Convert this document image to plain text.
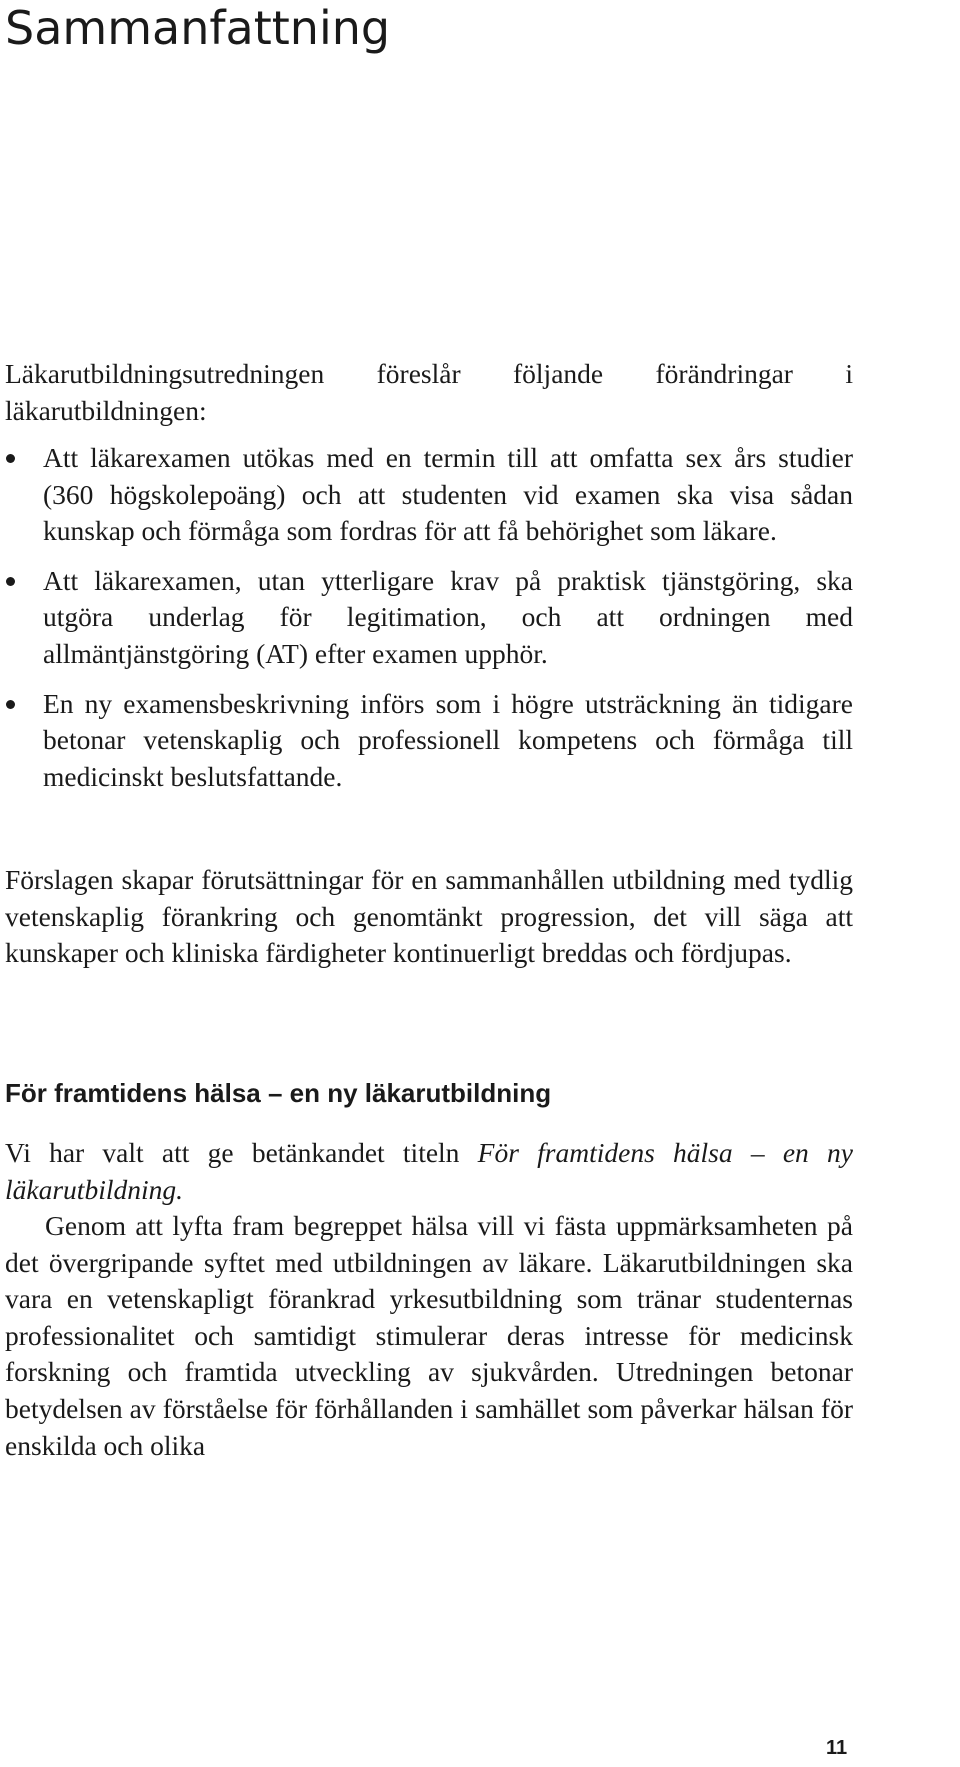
Sammanfattning

Läkarutbildningsutredningen föreslår följande förändringar i läkarutbildningen:

Att läkarexamen utökas med en termin till att omfatta sex års studier (360 högskolepoäng) och att studenten vid examen ska visa sådan kunskap och förmåga som fordras för att få behörighet som läkare.
Att läkarexamen, utan ytterligare krav på praktisk tjänstgöring, ska utgöra underlag för legitimation, och att ordningen med allmäntjänstgöring (AT) efter examen upphör.
En ny examensbeskrivning införs som i högre utsträckning än tidigare betonar vetenskaplig och professionell kompetens och förmåga till medicinskt beslutsfattande.

Förslagen skapar förutsättningar för en sammanhållen utbildning med tydlig vetenskaplig förankring och genomtänkt progression, det vill säga att kunskaper och kliniska färdigheter kontinuerligt breddas och fördjupas.

För framtidens hälsa – en ny läkarutbildning

Vi har valt att ge betänkandet titeln För framtidens hälsa – en ny läkarutbildning.

Genom att lyfta fram begreppet hälsa vill vi fästa uppmärksamheten på det övergripande syftet med utbildningen av läkare. Läkarutbildningen ska vara en vetenskapligt förankrad yrkesutbildning som tränar studenternas professionalitet och samtidigt stimulerar deras intresse för medicinsk forskning och framtida utveckling av sjukvården. Utredningen betonar betydelsen av förståelse för förhållanden i samhället som påverkar hälsan för enskilda och olika

11
